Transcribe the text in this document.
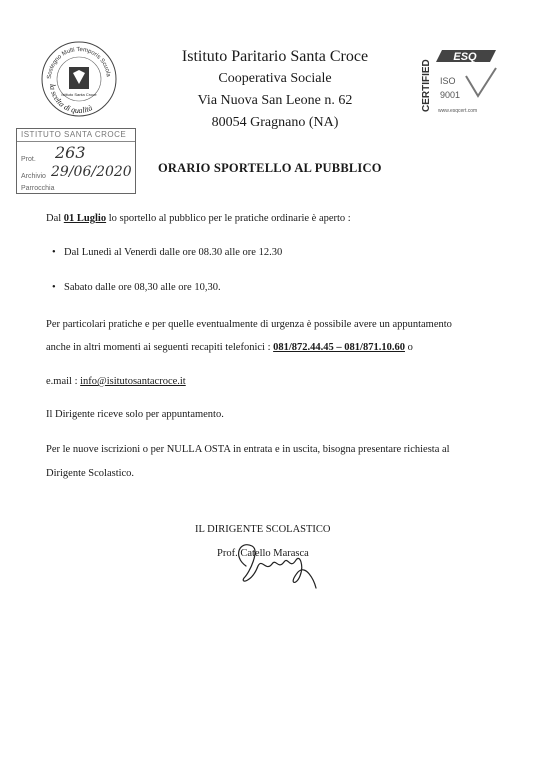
Sostegno Multi Temporis Scuola
la scelta di qualità
Istituto Santa Croce
Istituto Paritario Santa Croce
Cooperativa Sociale
Via Nuova San Leone n. 62
80054 Gragnano (NA)
CERTIFIED
ESQ
ISO
9001
www.esqcert.com
ISTITUTO SANTA CROCE
Prot. 263
Archivio 29/06/2020
Parrocchia
ORARIO SPORTELLO AL PUBBLICO
Dal 01 Luglio lo sportello al pubblico per le pratiche ordinarie è aperto :
• Dal Lunedì al Venerdì dalle ore 08.30 alle ore 12.30
• Sabato dalle ore 08,30 alle ore 10,30.
Per particolari pratiche e per quelle eventualmente di urgenza è possibile avere un appuntamento
anche in altri momenti ai seguenti recapiti telefonici : 081/872.44.45 – 081/871.10.60 o
e.mail : info@isitutosantacroce.it
Il Dirigente riceve solo per appuntamento.
Per le nuove iscrizioni o per NULLA OSTA in entrata e in uscita, bisogna presentare richiesta al
Dirigente Scolastico.
IL DIRIGENTE SCOLASTICO
Prof. Catello Marasca
